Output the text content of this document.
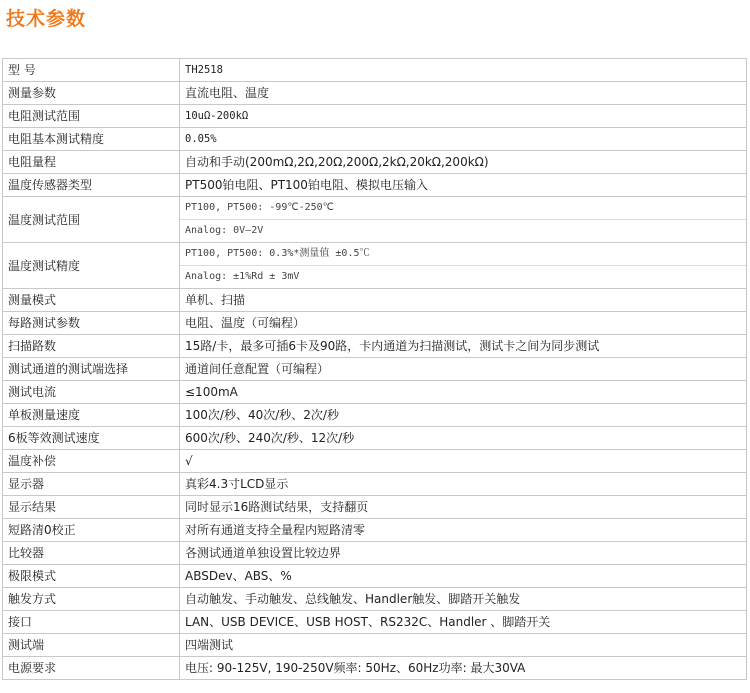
技术参数
型 号	TH2518
测量参数	直流电阻、温度
电阻测试范围	10uΩ-200kΩ
电阻基本测试精度	0.05%
电阻量程	自动和手动(200mΩ,2Ω,20Ω,200Ω,2kΩ,20kΩ,200kΩ)
温度传感器类型	PT500铂电阻、PT100铂电阻、模拟电压输入
温度测试范围	PT100, PT500: -99℃-250℃
Analog: 0V—2V

温度测试精度	PT100, PT500: 0.3%*测量值 ±0.5℃
Analog: ±1%Rd ± 3mV

测量模式	单机、扫描
每路测试参数	电阻、温度（可编程）
扫描路数	15路/卡，最多可插6卡及90路，卡内通道为扫描测试，测试卡之间为同步测试
测试通道的测试端选择	通道间任意配置（可编程）
测试电流	≤100mA
单板测量速度	100次/秒、40次/秒、2次/秒
6板等效测试速度	600次/秒、240次/秒、12次/秒
温度补偿	√
显示器	真彩4.3寸LCD显示
显示结果	同时显示16路测试结果，支持翻页
短路清0校正	对所有通道支持全量程内短路清零
比较器	各测试通道单独设置比较边界
极限模式	ABSDev、ABS、%
触发方式	自动触发、手动触发、总线触发、Handler触发、脚踏开关触发
接口	LAN、USB DEVICE、USB HOST、RS232C、Handler 、脚踏开关
测试端	四端测试
电源要求	电压: 90-125V, 190-250V频率: 50Hz、60Hz功率: 最大30VA
